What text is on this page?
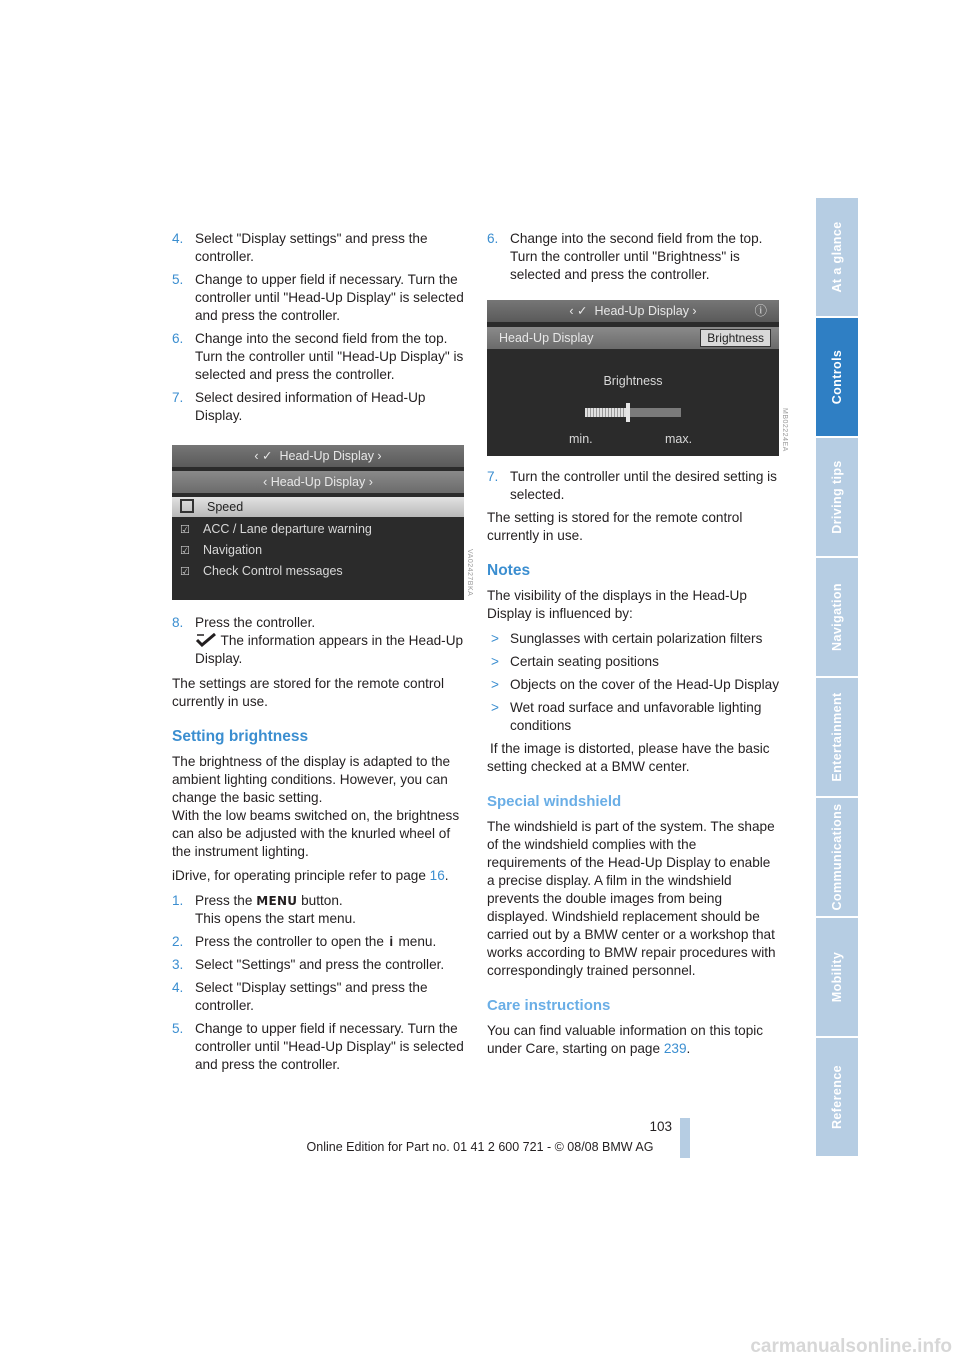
4. Select "Display settings" and press the controller.
5. Change to upper field if necessary. Turn the controller until "Head-Up Display" is selected and press the controller.
6. Change into the second field from the top. Turn the controller until "Head-Up Display" is selected and press the controller.
7. Select desired information of Head-Up Display.
‹ ✓ Head-Up Display ›
‹ Head-Up Display ›
Speed
☑ ACC / Lane departure warning
☑ Navigation
☑ Check Control messages	VA02427BKA
8. Press the controller.
The information appears in the Head-Up Display.

The settings are stored for the remote control currently in use.

Setting brightness

The brightness of the display is adapted to the ambient lighting conditions. However, you can change the basic setting.
With the low beams switched on, the brightness can also be adjusted with the knurled wheel of the instrument lighting.

iDrive, for operating principle refer to page 16.

1. Press the MENU button.
This opens the start menu.
2. Press the controller to open the i menu.
3. Select "Settings" and press the controller.
4. Select "Display settings" and press the controller.
5. Change to upper field if necessary. Turn the controller until "Head-Up Display" is selected and press the controller.
6. Change into the second field from the top. Turn the controller until "Brightness" is selected and press the controller.
‹ ✓ Head-Up Display ›	ⓘ
Head-Up Display	Brightness
Brightness
min.	max.	MB02224EA
7. Turn the controller until the desired setting is selected.

The setting is stored for the remote control currently in use.

Notes

The visibility of the displays in the Head-Up Display is influenced by:

> Sunglasses with certain polarization filters
> Certain seating positions
> Objects on the cover of the Head-Up Display
> Wet road surface and unfavorable lighting conditions

If the image is distorted, please have the basic setting checked at a BMW center.

Special windshield

The windshield is part of the system. The shape of the windshield complies with the requirements of the Head-Up Display to enable a precise display. A film in the windshield prevents the double images from being displayed. Windshield replacement should be carried out by a BMW center or a workshop that works according to BMW repair procedures with correspondingly trained personnel.

Care instructions

You can find valuable information on this topic under Care, starting on page 239.

At a glance
Controls
Driving tips
Navigation
Entertainment
Communications
Mobility
Reference
103
Online Edition for Part no. 01 41 2 600 721 - © 08/08 BMW AG
carmanualsonline.info
